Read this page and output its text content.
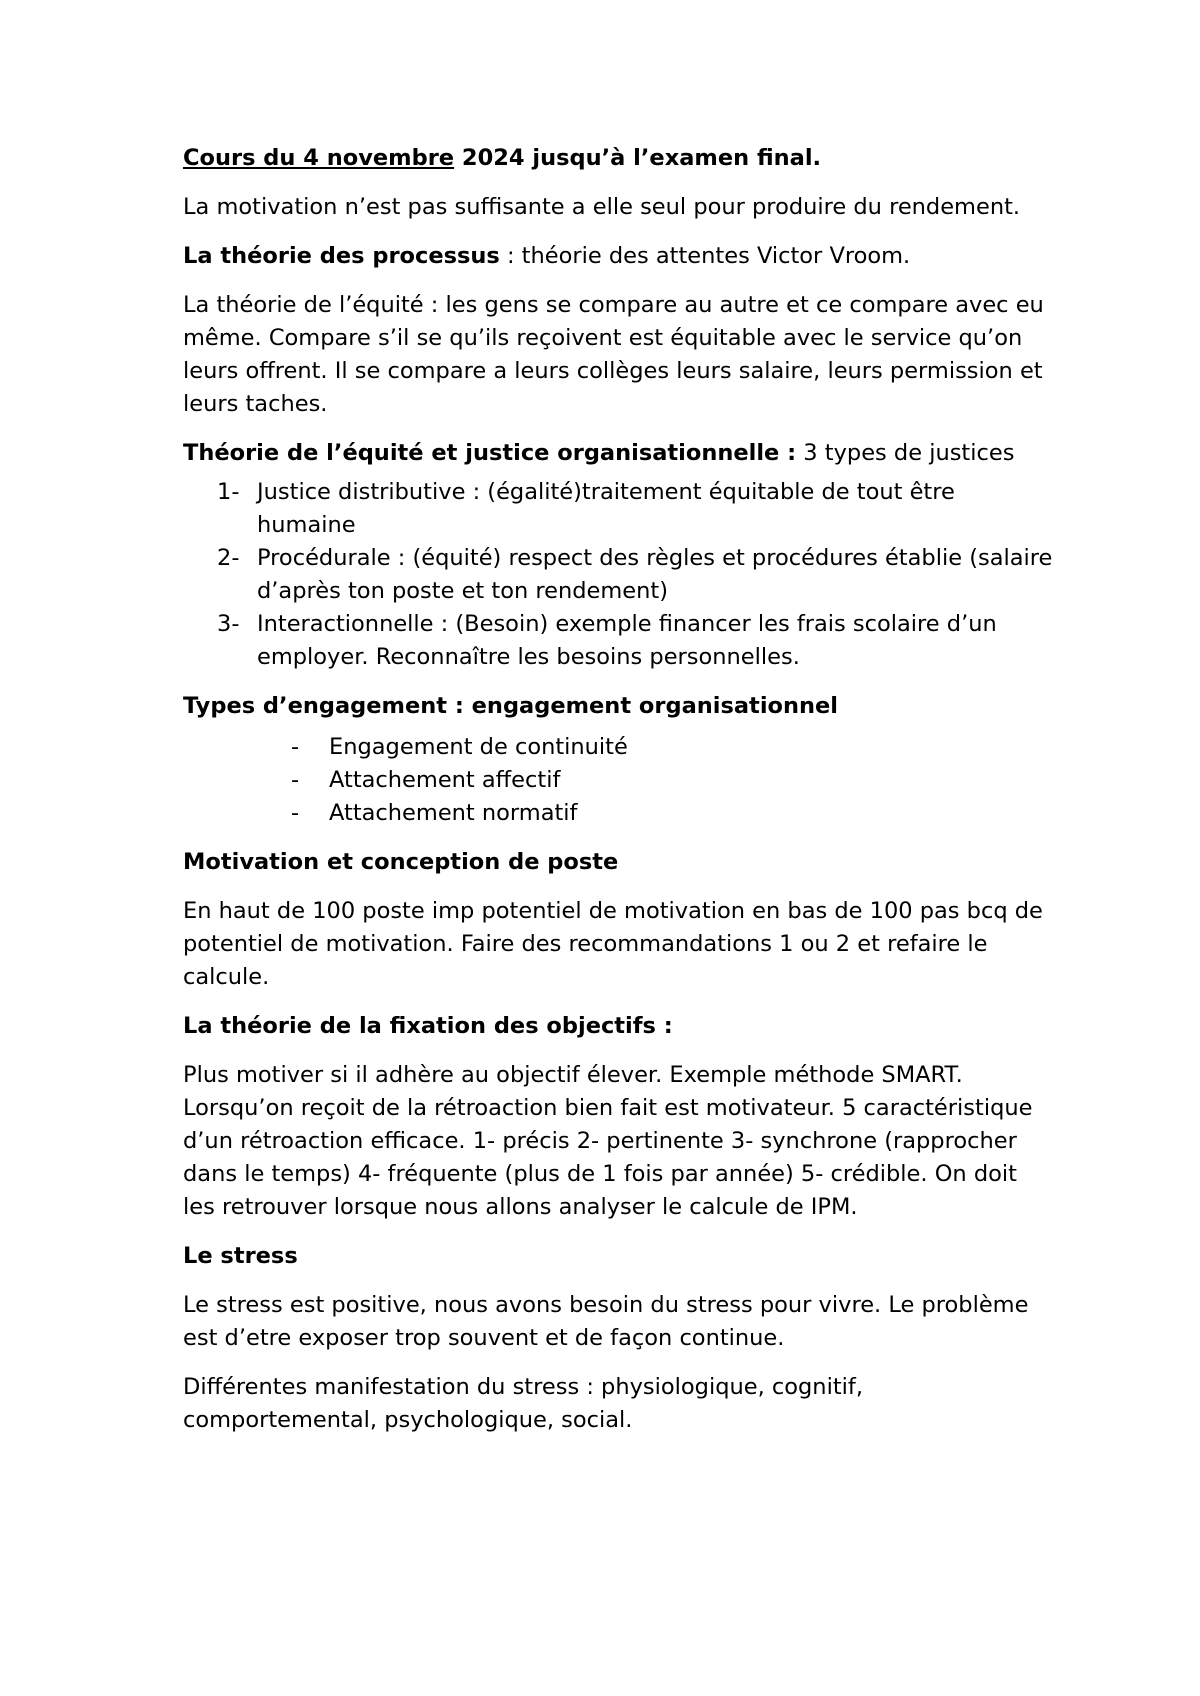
Cours du 4 novembre 2024 jusqu’à l’examen final.

La motivation n’est pas suffisante a elle seul pour produire du rendement.

La théorie des processus : théorie des attentes Victor Vroom.

La théorie de l’équité : les gens se compare au autre et ce compare avec eu même. Compare s’il se qu’ils reçoivent est équitable avec le service qu’on leurs offrent. Il se compare a leurs collèges leurs salaire, leurs permission et leurs taches.

Théorie de l’équité et justice organisationnelle : 3 types de justices

1- Justice distributive : (égalité)traitement équitable de tout être humaine
2- Procédurale : (équité) respect des règles et procédures établie (salaire d’après ton poste et ton rendement)
3- Interactionnelle : (Besoin) exemple financer les frais scolaire d’un employer. Reconnaître les besoins personnelles.

Types d’engagement : engagement organisationnel

- Engagement de continuité
- Attachement affectif
- Attachement normatif

Motivation et conception de poste

En haut de 100 poste imp potentiel de motivation en bas de 100 pas bcq de potentiel de motivation. Faire des recommandations 1 ou 2 et refaire le calcule.

La théorie de la fixation des objectifs :

Plus motiver si il adhère au objectif élever. Exemple méthode SMART. Lorsqu’on reçoit de la rétroaction bien fait est motivateur. 5 caractéristique d’un rétroaction efficace. 1- précis 2- pertinente 3- synchrone (rapprocher dans le temps) 4- fréquente (plus de 1 fois par année) 5- crédible. On doit les retrouver lorsque nous allons analyser le calcule de IPM.

Le stress

Le stress est positive, nous avons besoin du stress pour vivre. Le problème est d’etre exposer trop souvent et de façon continue.

Différentes manifestation du stress : physiologique, cognitif, comportemental, psychologique, social.
